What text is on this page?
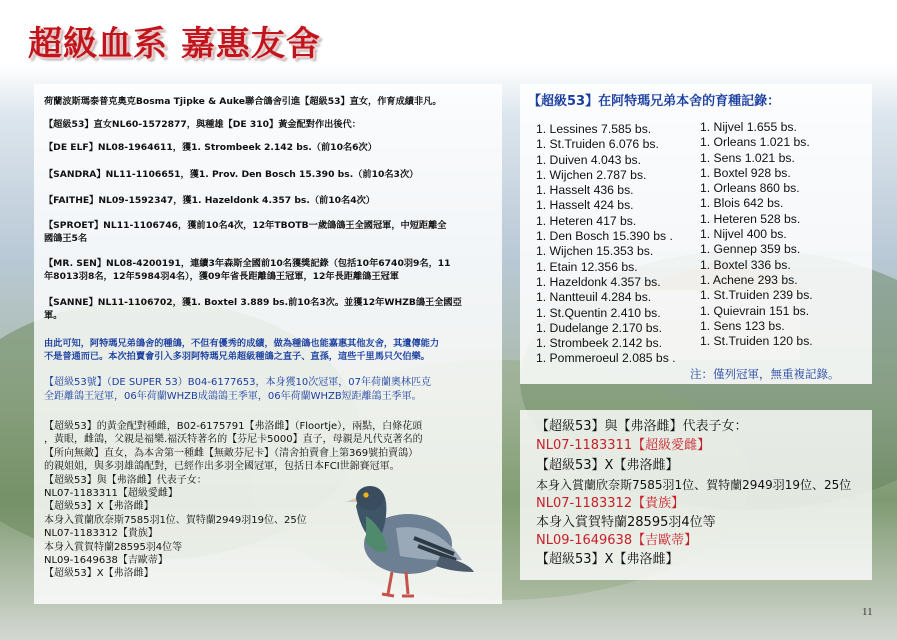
超級血系 嘉惠友舍
荷蘭波斯瑪泰普克奧克Bosma Tjipke & Auke聯合鴿舍引進【超級53】直女，作育成績非凡。
【超級53】直女NL60-1572877，與種雄【DE 310】黃金配對作出後代：
【DE ELF】NL08-1964611，獲1. Strombeek 2.142 bs.（前10名6次）
【SANDRA】NL11-1106651，獲1. Prov. Den Bosch 15.390 bs.（前10名3次）
【FAITHE】NL09-1592347，獲1. Hazeldonk 4.357 bs.（前10名4次）
【SPROET】NL11-1106746，獲前10名4次，12年TBOTB一歲鴿鴿王全國冠軍，中短距離全
國鴿王5名
【MR. SEN】NL08-4200191，連續3年森斯全國前10名獲獎記錄（包括10年6740羽9名，11
年8013羽8名，12年5984羽4名），獲09年省長距離鴿王冠軍，12年長距離鴿王冠軍
【SANNE】NL11-1106702，獲1. Boxtel 3.889 bs.前10名3次。並獲12年WHZB鴿王全國亞
軍。
由此可知，阿特瑪兄弟鴿舍的種鴿，不但有優秀的成績，做為種鴿也能嘉惠其他友舍，其遺傳能力
不是普通而已。本次拍賣會引入多羽阿特瑪兄弟超級種鴿之直子、直孫，這些千里馬只欠伯樂。
【超級53號】（DE SUPER 53）B04-6177653，本身獲10次冠軍，07年荷蘭奧林匹克
全距離鴿王冠軍，06年荷蘭WHZB成鴿鴿王季軍，06年荷蘭WHZB短距離鴿王季軍。
【超級53】的黃金配對種雌，B02-6175791【弗洛雌】（Floortje），兩點，白條花頭
，黃眼，雌鴿，父親是福樂.福沃特著名的【芬尼卡5000】直子，母親是凡代克著名的
【所向無敵】直女，為本舍第一種雌【無敵芬尼卡】（清舍拍賣會上第369號拍賣鴿）
的親姐姐，與多羽雄鴿配對，已經作出多羽全國冠軍，包括日本FCI世錦賽冠軍。
【超級53】與【弗洛雌】代表子女：
NL07-1183311【超級愛雌】
【超級53】X【弗洛雌】
本身入賞蘭欣奈斯7585羽1位、賀特蘭2949羽19位、25位
NL07-1183312【貴族】
本身入賞賀特蘭28595羽4位等
NL09-1649638【吉歐蒂】
【超級53】X【弗洛雌】
【超級53】在阿特瑪兄弟本舍的育種記錄：
1. Lessines 7.585 bs.
1. St.Truiden 6.076 bs.
1. Duiven 4.043 bs.
1. Wijchen 2.787 bs.
1. Hasselt 436 bs.
1. Hasselt 424 bs.
1. Heteren 417 bs.
1. Den Bosch 15.390 bs .
1. Wijchen 15.353 bs.
1. Etain 12.356 bs.
1. Hazeldonk 4.357 bs.
1. Nantteuil 4.284 bs.
1. St.Quentin 2.410 bs.
1. Dudelange 2.170 bs.
1. Strombeek 2.142 bs.
1. Pommeroeul 2.085 bs .
1. Nijvel 1.655 bs.
1. Orleans 1.021 bs.
1. Sens 1.021 bs.
1. Boxtel 928 bs.
1. Orleans 860 bs.
1. Blois 642 bs.
1. Heteren 528 bs.
1. Nijvel 400 bs.
1. Gennep 359 bs.
1. Boxtel 336 bs.
1. Achene 293 bs.
1. St.Truiden 239 bs.
1. Quievrain 151 bs.
1. Sens 123 bs.
1. St.Truiden 120 bs.
注：僅列冠軍，無重複記錄。
【超級53】與【弗洛雌】代表子女：
NL07-1183311【超級愛雌】
【超級53】X【弗洛雌】
本身入賞蘭欣奈斯7585羽1位、賀特蘭2949羽19位、25位
NL07-1183312【貴族】
本身入賞賀特蘭28595羽4位等
NL09-1649638【吉歐蒂】
【超級53】X【弗洛雌】
11
